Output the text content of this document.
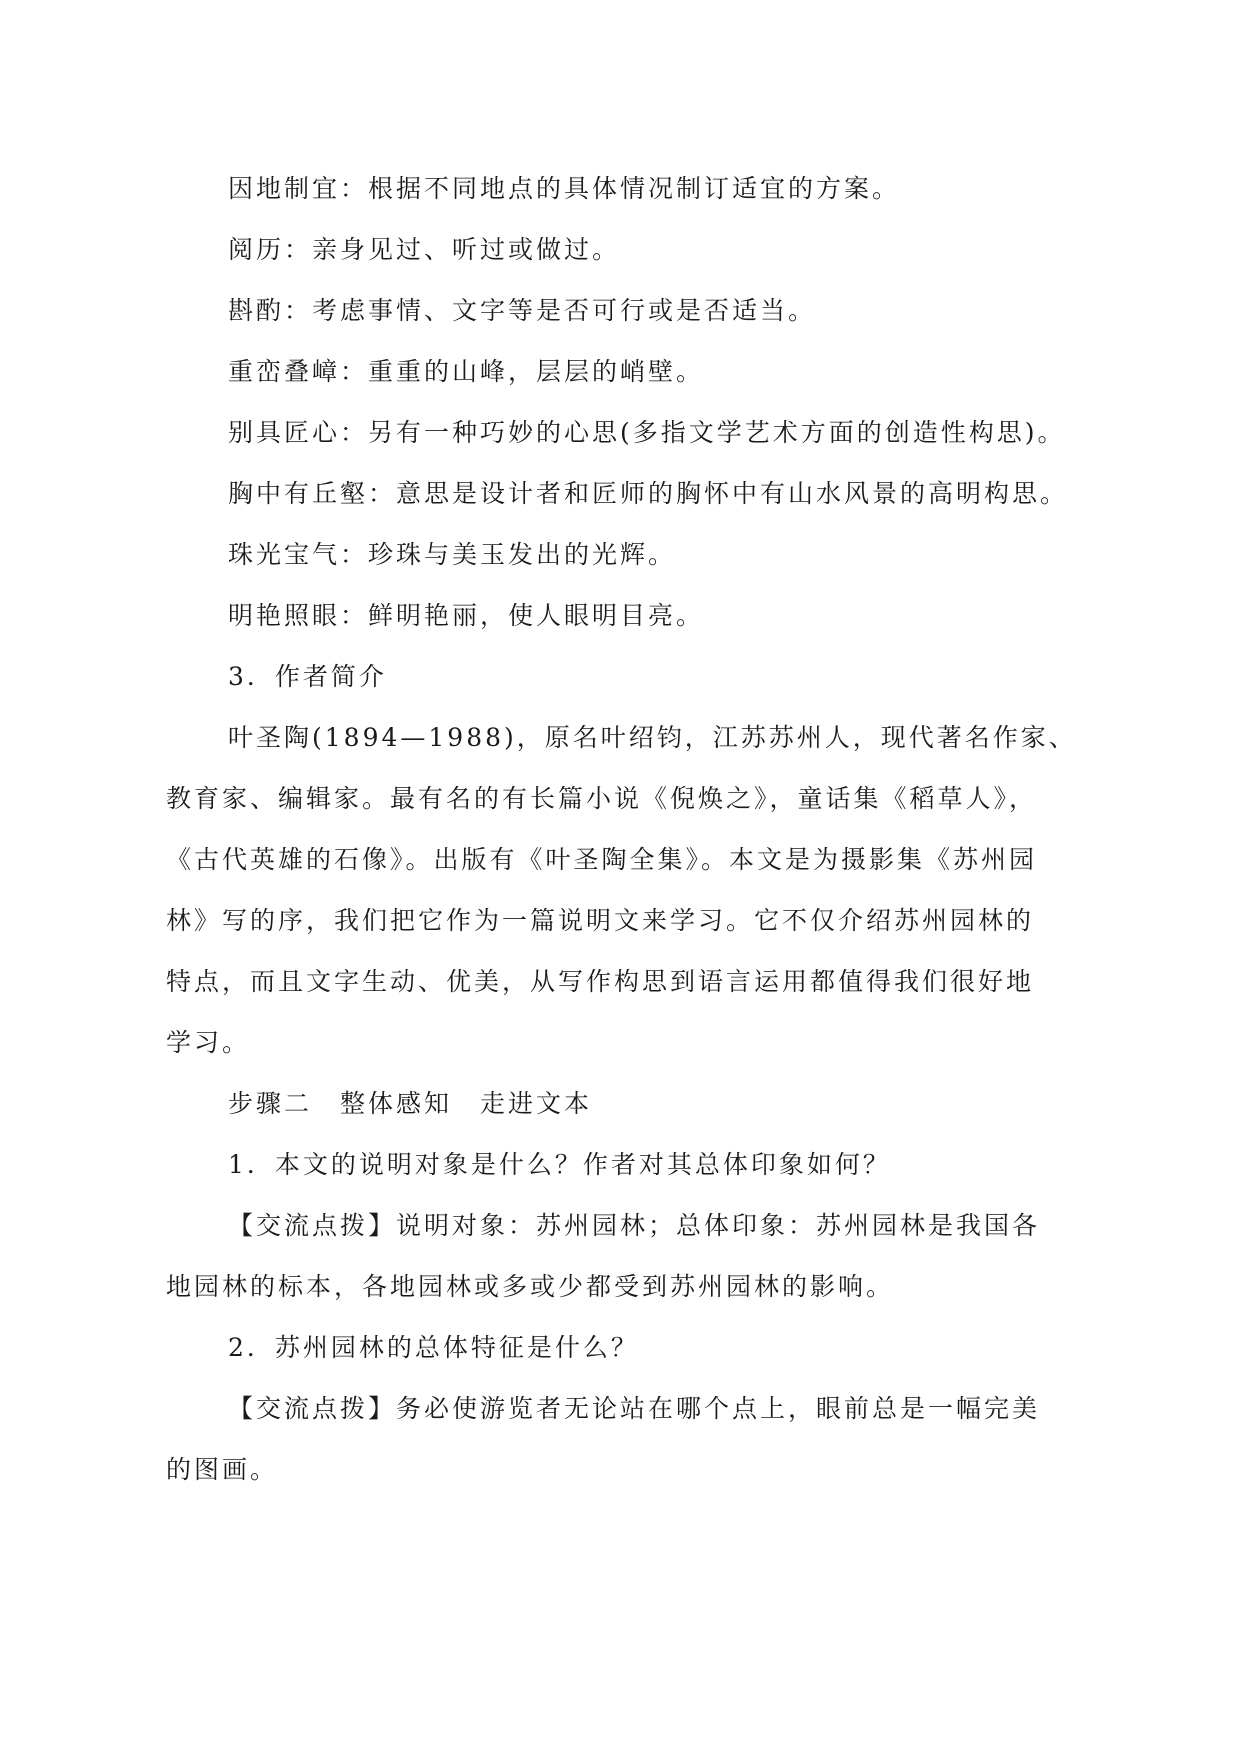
因地制宜：根据不同地点的具体情况制订适宜的方案。

阅历：亲身见过、听过或做过。

斟酌：考虑事情、文字等是否可行或是否适当。

重峦叠嶂：重重的山峰，层层的峭壁。

别具匠心：另有一种巧妙的心思(多指文学艺术方面的创造性构思)。

胸中有丘壑：意思是设计者和匠师的胸怀中有山水风景的高明构思。

珠光宝气：珍珠与美玉发出的光辉。

明艳照眼：鲜明艳丽，使人眼明目亮。

3．作者简介

叶圣陶(1894—1988)，原名叶绍钧，江苏苏州人，现代著名作家、

教育家、编辑家。最有名的有长篇小说《倪焕之》，童话集《稻草人》，

《古代英雄的石像》。出版有《叶圣陶全集》。本文是为摄影集《苏州园

林》写的序，我们把它作为一篇说明文来学习。它不仅介绍苏州园林的

特点，而且文字生动、优美，从写作构思到语言运用都值得我们很好地

学习。

步骤二　整体感知　走进文本

1．本文的说明对象是什么？作者对其总体印象如何？

【交流点拨】说明对象：苏州园林；总体印象：苏州园林是我国各

地园林的标本，各地园林或多或少都受到苏州园林的影响。

2．苏州园林的总体特征是什么？

【交流点拨】务必使游览者无论站在哪个点上，眼前总是一幅完美

的图画。
